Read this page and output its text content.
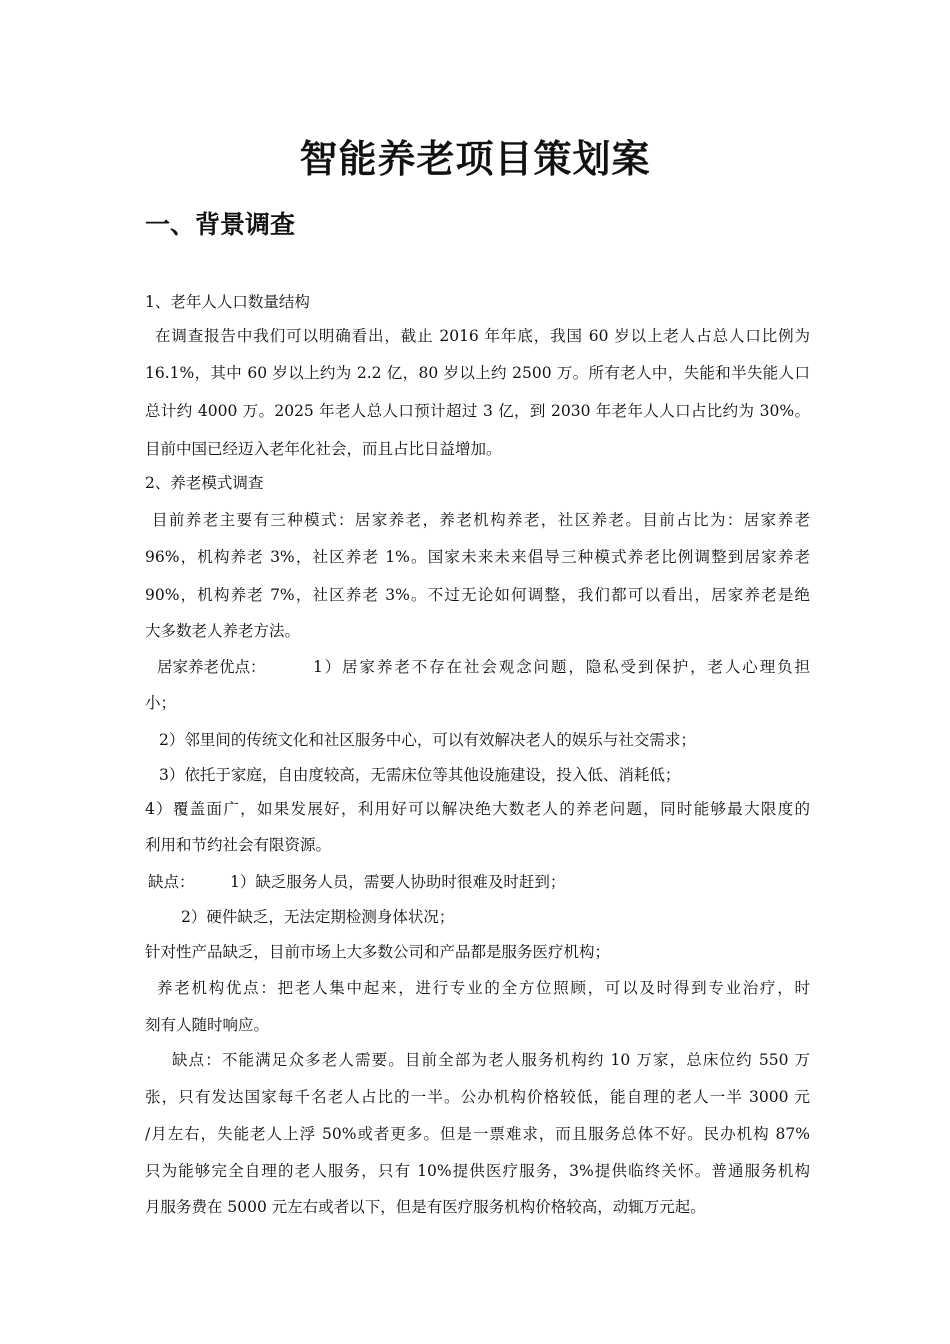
智能养老项目策划案
一、背景调查
1、老年人人口数量结构
在调查报告中我们可以明确看出，截止 2016 年年底，我国 60 岁以上老人占总人口比例为
16.1%，其中 60 岁以上约为 2.2 亿，80 岁以上约 2500 万。所有老人中，失能和半失能人口
总计约 4000 万。2025 年老人总人口预计超过 3 亿，到 2030 年老年人人口占比约为 30%。
目前中国已经迈入老年化社会，而且占比日益增加。
2、养老模式调查
目前养老主要有三种模式：居家养老，养老机构养老，社区养老。目前占比为：居家养老
96%，机构养老 3%，社区养老 1%。国家未来未来倡导三种模式养老比例调整到居家养老
90%，机构养老 7%，社区养老 3%。不过无论如何调整，我们都可以看出，居家养老是绝
大多数老人养老方法。
居家养老优点：	1）居家养老不存在社会观念问题，隐私受到保护，老人心理负担
小；
2）邻里间的传统文化和社区服务中心，可以有效解决老人的娱乐与社交需求；
3）依托于家庭，自由度较高，无需床位等其他设施建设，投入低、消耗低；
4）覆盖面广，如果发展好，利用好可以解决绝大数老人的养老问题，同时能够最大限度的
利用和节约社会有限资源。
缺点：	1）缺乏服务人员，需要人协助时很难及时赶到；
2）硬件缺乏，无法定期检测身体状况；
针对性产品缺乏，目前市场上大多数公司和产品都是服务医疗机构；
养老机构优点：把老人集中起来，进行专业的全方位照顾，可以及时得到专业治疗，时
刻有人随时响应。
缺点：不能满足众多老人需要。目前全部为老人服务机构约 10 万家，总床位约 550 万
张，只有发达国家每千名老人占比的一半。公办机构价格较低，能自理的老人一半 3000 元
/月左右，失能老人上浮 50%或者更多。但是一票难求，而且服务总体不好。民办机构 87%
只为能够完全自理的老人服务，只有 10%提供医疗服务，3%提供临终关怀。普通服务机构
月服务费在 5000 元左右或者以下，但是有医疗服务机构价格较高，动辄万元起。
